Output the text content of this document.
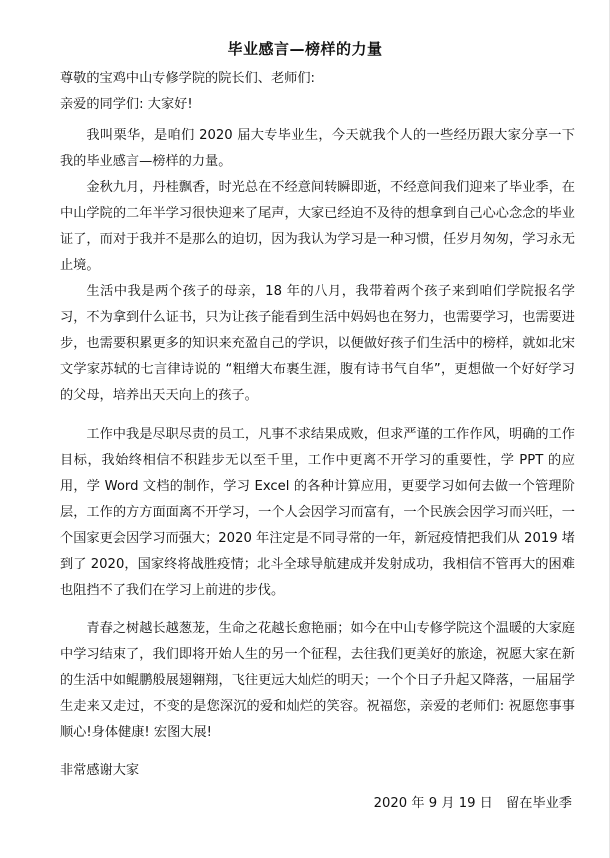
毕业感言—榜样的力量
尊敬的宝鸡中山专修学院的院长们、老师们:
亲爱的同学们: 大家好!

我叫栗华，是咱们 2020 届大专毕业生，今天就我个人的一些经历跟大家分享一下我的毕业感言—榜样的力量。

金秋九月，丹桂飘香，时光总在不经意间转瞬即逝，不经意间我们迎来了毕业季，在中山学院的二年半学习很快迎来了尾声，大家已经迫不及待的想拿到自己心心念念的毕业证了，而对于我并不是那么的迫切，因为我认为学习是一种习惯，任岁月匆匆，学习永无止境。

生活中我是两个孩子的母亲，18 年的八月，我带着两个孩子来到咱们学院报名学习，不为拿到什么证书，只为让孩子能看到生活中妈妈也在努力，也需要学习，也需要进步，也需要积累更多的知识来充盈自己的学识，以便做好孩子们生活中的榜样，就如北宋文学家苏轼的七言律诗说的 “粗缯大布裹生涯，腹有诗书气自华”，更想做一个好好学习的父母，培养出天天向上的孩子。

工作中我是尽职尽责的员工，凡事不求结果成败，但求严谨的工作作风，明确的工作目标，我始终相信不积跬步无以至千里，工作中更离不开学习的重要性，学 PPT 的应用，学 Word 文档的制作，学习 Excel 的各种计算应用，更要学习如何去做一个管理阶层，工作的方方面面离不开学习，一个人会因学习而富有，一个民族会因学习而兴旺，一个国家更会因学习而强大；2020 年注定是不同寻常的一年，新冠疫情把我们从 2019 堵到了 2020，国家终将战胜疫情；北斗全球导航建成并发射成功，我相信不管再大的困难也阻挡不了我们在学习上前进的步伐。

青春之树越长越葱茏，生命之花越长愈艳丽；如今在中山专修学院这个温暖的大家庭中学习结束了，我们即将开始人生的另一个征程，去往我们更美好的旅途，祝愿大家在新的生活中如鲲鹏般展翅翱翔，飞往更远大灿烂的明天；一个个日子升起又降落，一届届学生走来又走过，不变的是您深沉的爱和灿烂的笑容。祝福您，亲爱的老师们: 祝愿您事事顺心!身体健康! 宏图大展!

非常感谢大家
2020 年 9 月 19 日　留在毕业季
